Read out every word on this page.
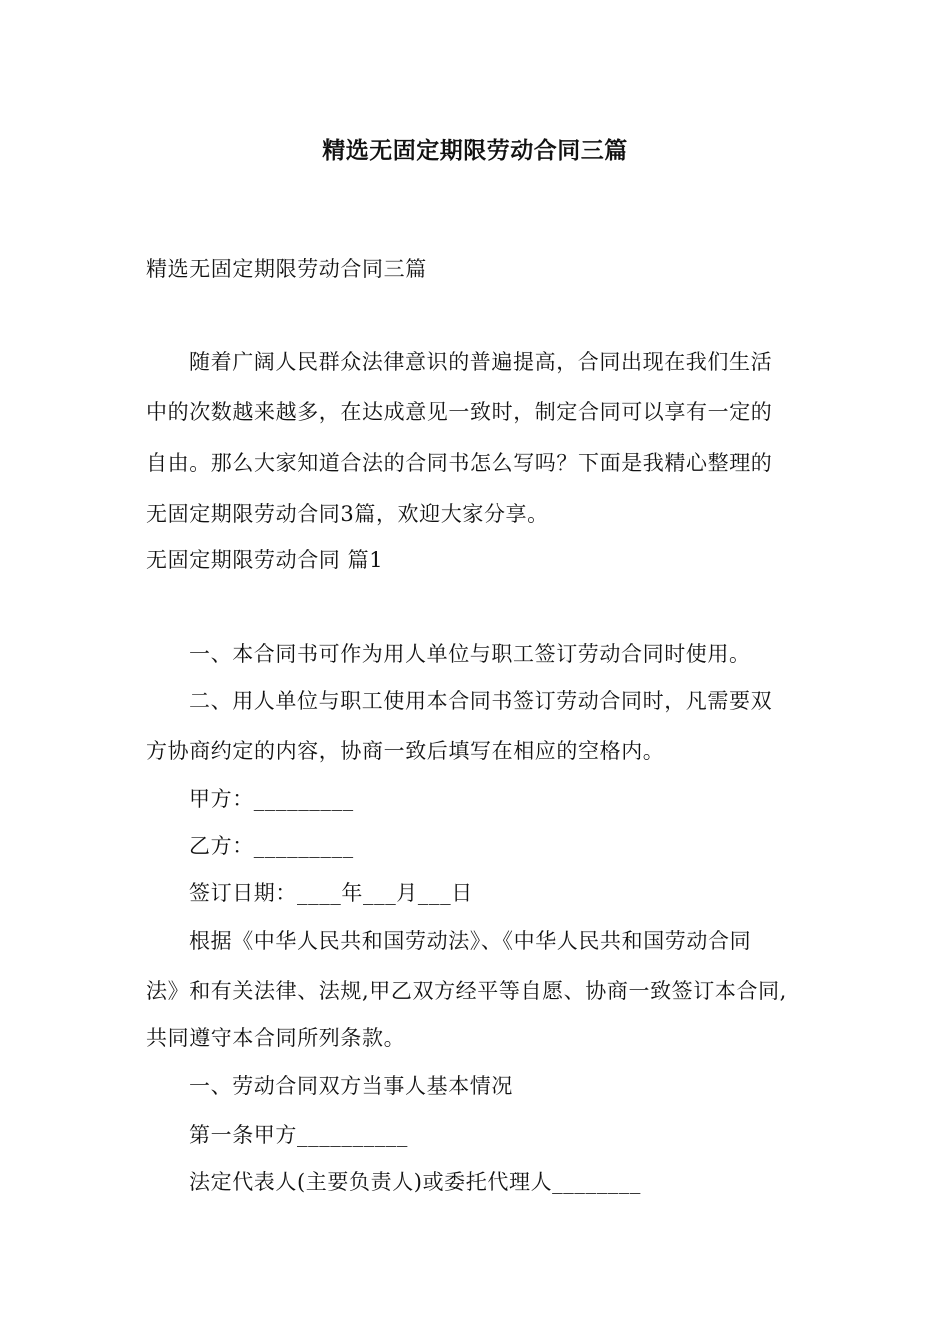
精选无固定期限劳动合同三篇
精选无固定期限劳动合同三篇
随着广阔人民群众法律意识的普遍提高，合同出现在我们生活
中的次数越来越多，在达成意见一致时，制定合同可以享有一定的
自由。那么大家知道合法的合同书怎么写吗？下面是我精心整理的
无固定期限劳动合同3篇，欢迎大家分享。
无固定期限劳动合同 篇1
一、本合同书可作为用人单位与职工签订劳动合同时使用。
二、用人单位与职工使用本合同书签订劳动合同时，凡需要双
方协商约定的内容，协商一致后填写在相应的空格内。
甲方：_________
乙方：_________
签订日期：____年___月___日
根据《中华人民共和国劳动法》、《中华人民共和国劳动合同
法》和有关法律、法规,甲乙双方经平等自愿、协商一致签订本合同,
共同遵守本合同所列条款。
一、劳动合同双方当事人基本情况
第一条甲方__________
法定代表人(主要负责人)或委托代理人________
